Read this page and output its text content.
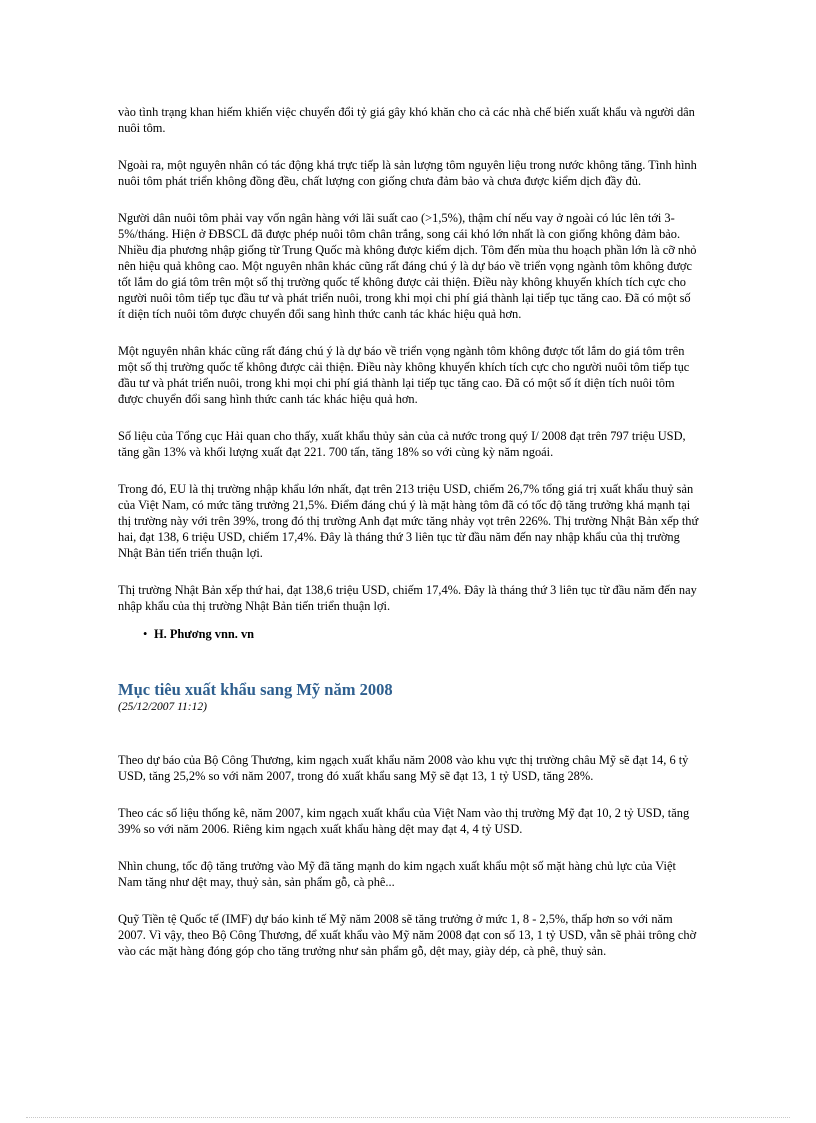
vào tình trạng khan hiếm khiến việc chuyển đổi tỷ giá gây khó khăn cho cả các nhà chế biến xuất khẩu và người dân nuôi tôm.

Ngoài ra, một nguyên nhân có tác động khá trực tiếp là sản lượng tôm nguyên liệu trong nước không tăng. Tình hình nuôi tôm phát triển không đồng đều, chất lượng con giống chưa đảm bảo và chưa được kiểm dịch đầy đủ.

Người dân nuôi tôm phải vay vốn ngân hàng với lãi suất cao (>1,5%), thậm chí nếu vay ở ngoài có lúc lên tới 3-5%/tháng. Hiện ở ĐBSCL đã được phép nuôi tôm chân trắng, song cái khó lớn nhất là con giống không đảm bảo. Nhiều địa phương nhập giống từ Trung Quốc mà không được kiểm dịch. Tôm đến mùa thu hoạch phần lớn là cỡ nhỏ nên hiệu quả không cao. Một nguyên nhân khác cũng rất đáng chú ý là dự báo về triển vọng ngành tôm không được tốt lắm do giá tôm trên một số thị trường quốc tế không được cải thiện. Điều này không khuyến khích tích cực cho người nuôi tôm tiếp tục đầu tư và phát triển nuôi, trong khi mọi chi phí giá thành lại tiếp tục tăng cao. Đã có một số ít diện tích nuôi tôm được chuyển đổi sang hình thức canh tác khác hiệu quả hơn.

Một nguyên nhân khác cũng rất đáng chú ý là dự báo về triển vọng ngành tôm không được tốt lắm do giá tôm trên một số thị trường quốc tế không được cải thiện. Điều này không khuyến khích tích cực cho người nuôi tôm tiếp tục đầu tư và phát triển nuôi, trong khi mọi chi phí giá thành lại tiếp tục tăng cao. Đã có một số ít diện tích nuôi tôm được chuyển đổi sang hình thức canh tác khác hiệu quả hơn.

Số liệu của Tổng cục Hải quan cho thấy, xuất khẩu thủy sản của cả nước trong quý I/ 2008 đạt trên 797 triệu USD, tăng gần 13% và khối lượng xuất đạt 221. 700 tấn, tăng 18% so với cùng kỳ năm ngoái.

Trong đó, EU là thị trường nhập khẩu lớn nhất, đạt trên 213 triệu USD, chiếm 26,7% tổng giá trị xuất khẩu thuỷ sản của Việt Nam, có mức tăng trưởng 21,5%. Điểm đáng chú ý là mặt hàng tôm đã có tốc độ tăng trưởng khá mạnh tại thị trường này với trên 39%, trong đó thị trường Anh đạt mức tăng nhảy vọt trên 226%. Thị trường Nhật Bản xếp thứ hai, đạt 138, 6 triệu USD, chiếm 17,4%. Đây là tháng thứ 3 liên tục từ đầu năm đến nay nhập khẩu của thị trường Nhật Bản tiến triển thuận lợi.

Thị trường Nhật Bản xếp thứ hai, đạt 138,6 triệu USD, chiếm 17,4%. Đây là tháng thứ 3 liên tục từ đầu năm đến nay nhập khẩu của thị trường Nhật Bản tiến triển thuận lợi.

• H. Phương vnn. vn
Mục tiêu xuất khẩu sang Mỹ năm 2008
(25/12/2007 11:12)

Theo dự báo của Bộ Công Thương, kim ngạch xuất khẩu năm 2008 vào khu vực thị trường châu Mỹ sẽ đạt 14, 6 tỷ USD, tăng 25,2% so với năm 2007, trong đó xuất khẩu sang Mỹ sẽ đạt 13, 1 tỷ USD, tăng 28%.

Theo các số liệu thống kê, năm 2007, kim ngạch xuất khẩu của Việt Nam vào thị trường Mỹ đạt 10, 2 tỷ USD, tăng 39% so với năm 2006. Riêng kim ngạch xuất khẩu hàng dệt may đạt 4, 4 tỷ USD.

Nhìn chung, tốc độ tăng trưởng vào Mỹ đã tăng mạnh do kim ngạch xuất khẩu một số mặt hàng chủ lực của Việt Nam tăng như dệt may, thuỷ sản, sản phẩm gỗ, cà phê...

Quỹ Tiền tệ Quốc tế (IMF) dự báo kinh tế Mỹ năm 2008 sẽ tăng trưởng ở mức 1, 8 - 2,5%, thấp hơn so với năm 2007. Vì vậy, theo Bộ Công Thương, để xuất khẩu vào Mỹ năm 2008 đạt con số 13, 1 tỷ USD, vẫn sẽ phải trông chờ vào các mặt hàng đóng góp cho tăng trưởng như sản phẩm gỗ, dệt may, giày dép, cà phê, thuỷ sản.
